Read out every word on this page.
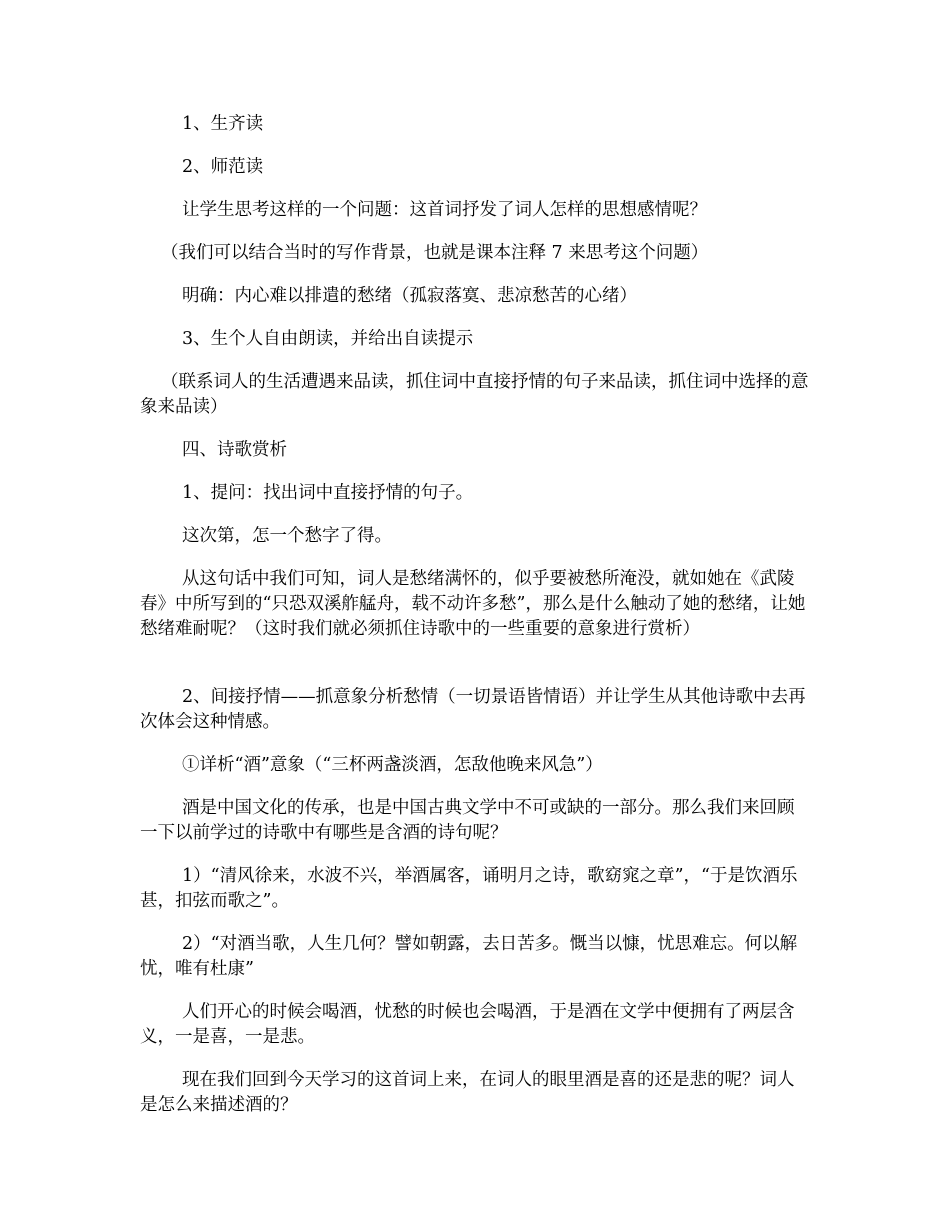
1、生齐读

2、师范读

让学生思考这样的一个问题：这首词抒发了词人怎样的思想感情呢？

（我们可以结合当时的写作背景，也就是课本注释 7 来思考这个问题）

明确：内心难以排遣的愁绪（孤寂落寞、悲凉愁苦的心绪）

3、生个人自由朗读，并给出自读提示

（联系词人的生活遭遇来品读，抓住词中直接抒情的句子来品读，抓住词中选择的意象来品读）

四、诗歌赏析

1、提问：找出词中直接抒情的句子。

这次第，怎一个愁字了得。

从这句话中我们可知，词人是愁绪满怀的，似乎要被愁所淹没，就如她在《武陵春》中所写到的“只恐双溪舴艋舟，载不动许多愁”，那么是什么触动了她的愁绪，让她愁绪难耐呢？（这时我们就必须抓住诗歌中的一些重要的意象进行赏析）

2、间接抒情——抓意象分析愁情（一切景语皆情语）并让学生从其他诗歌中去再次体会这种情感。

①详析“酒”意象（“三杯两盏淡酒，怎敌他晚来风急”）

酒是中国文化的传承，也是中国古典文学中不可或缺的一部分。那么我们来回顾一下以前学过的诗歌中有哪些是含酒的诗句呢？

1）“清风徐来，水波不兴，举酒属客，诵明月之诗，歌窈窕之章”，“于是饮酒乐甚，扣弦而歌之”。

2）“对酒当歌，人生几何？譬如朝露，去日苦多。慨当以慷，忧思难忘。何以解忧，唯有杜康”

人们开心的时候会喝酒，忧愁的时候也会喝酒，于是酒在文学中便拥有了两层含义，一是喜，一是悲。

现在我们回到今天学习的这首词上来，在词人的眼里酒是喜的还是悲的呢？词人是怎么来描述酒的？
